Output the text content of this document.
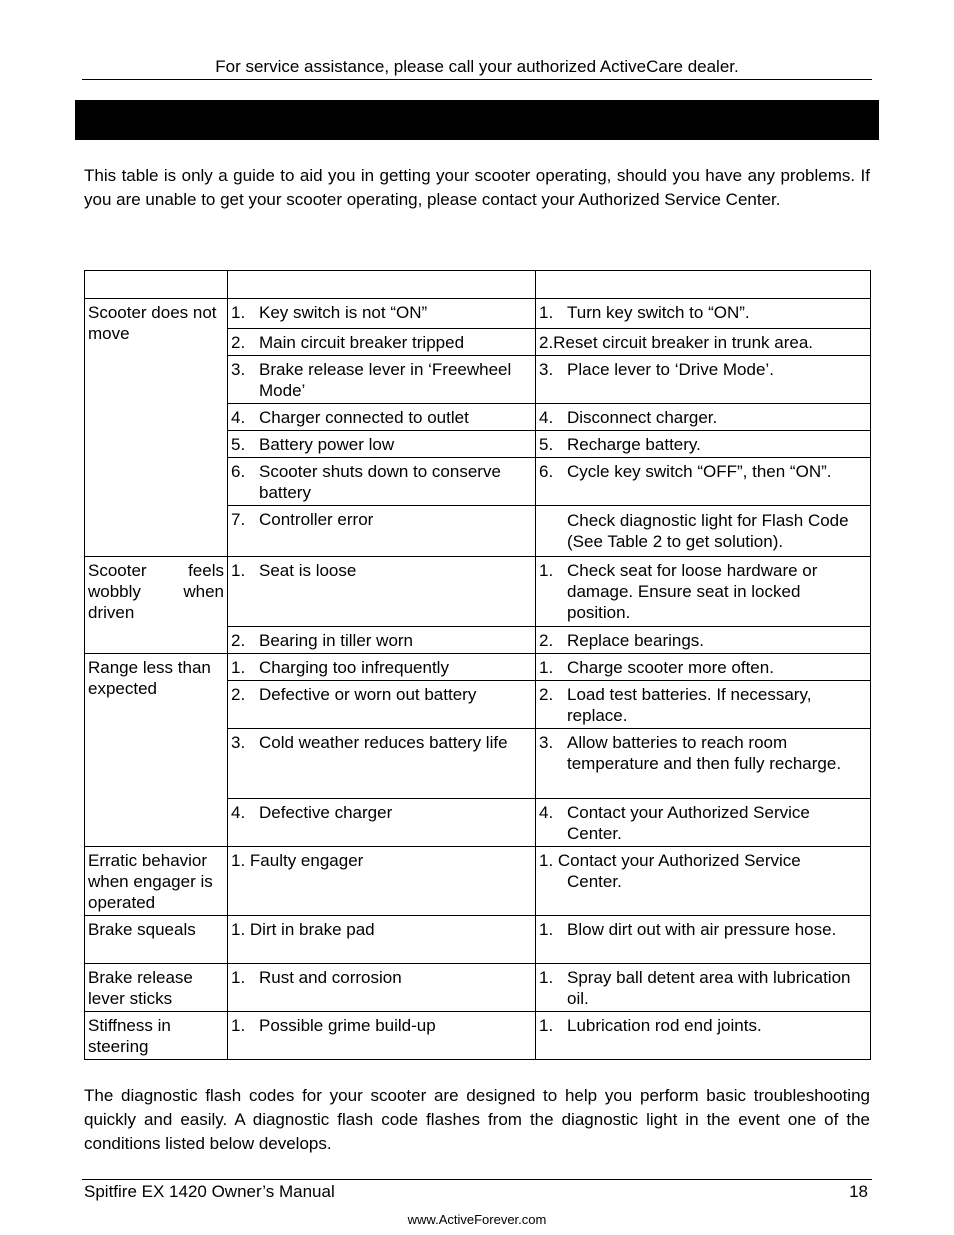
For service assistance, please call your authorized ActiveCare dealer.
This table is only a guide to aid you in getting your scooter operating, should you have any problems. If you are unable to get your scooter operating, please contact your Authorized Service Center.

Scooter does not move	1. Key switch is not “ON”	1. Turn key switch to “ON”.

	2. Main circuit breaker tripped	2.Reset circuit breaker in trunk area.

	3. Brake release lever in ‘Freewheel Mode’	3. Place lever to ‘Drive Mode’.

	4. Charger connected to outlet	4. Disconnect charger.

	5. Battery power low	5. Recharge battery.

	6. Scooter shuts down to conserve battery	6. Cycle key switch “OFF”, then “ON”.

	7. Controller error	Check diagnostic light for Flash Code (See Table 2 to get solution).

Scooter feels wobbly when driven	1. Seat is loose	1. Check seat for loose hardware or damage. Ensure seat in locked position.

	2. Bearing in tiller worn	2. Replace bearings.

Range less than expected	1. Charging too infrequently	1. Charge scooter more often.

	2. Defective or worn out battery	2. Load test batteries. If necessary, replace.

	3. Cold weather reduces battery life	3. Allow batteries to reach room temperature and then fully recharge.

	4. Defective charger	4. Contact your Authorized Service Center.

Erratic behavior when engager is operated	1. Faulty engager	1. Contact your Authorized Service
Center.

Brake squeals	1. Dirt in brake pad	1. Blow dirt out with air pressure hose.

Brake release lever sticks	1. Rust and corrosion	1. Spray ball detent area with lubrication oil.

Stiffness in steering	1. Possible grime build-up	1. Lubrication rod end joints.
The diagnostic flash codes for your scooter are designed to help you perform basic troubleshooting quickly and easily. A diagnostic flash code flashes from the diagnostic light in the event one of the conditions listed below develops.
Spitfire EX 1420 Owner’s Manual	18
www.ActiveForever.com
